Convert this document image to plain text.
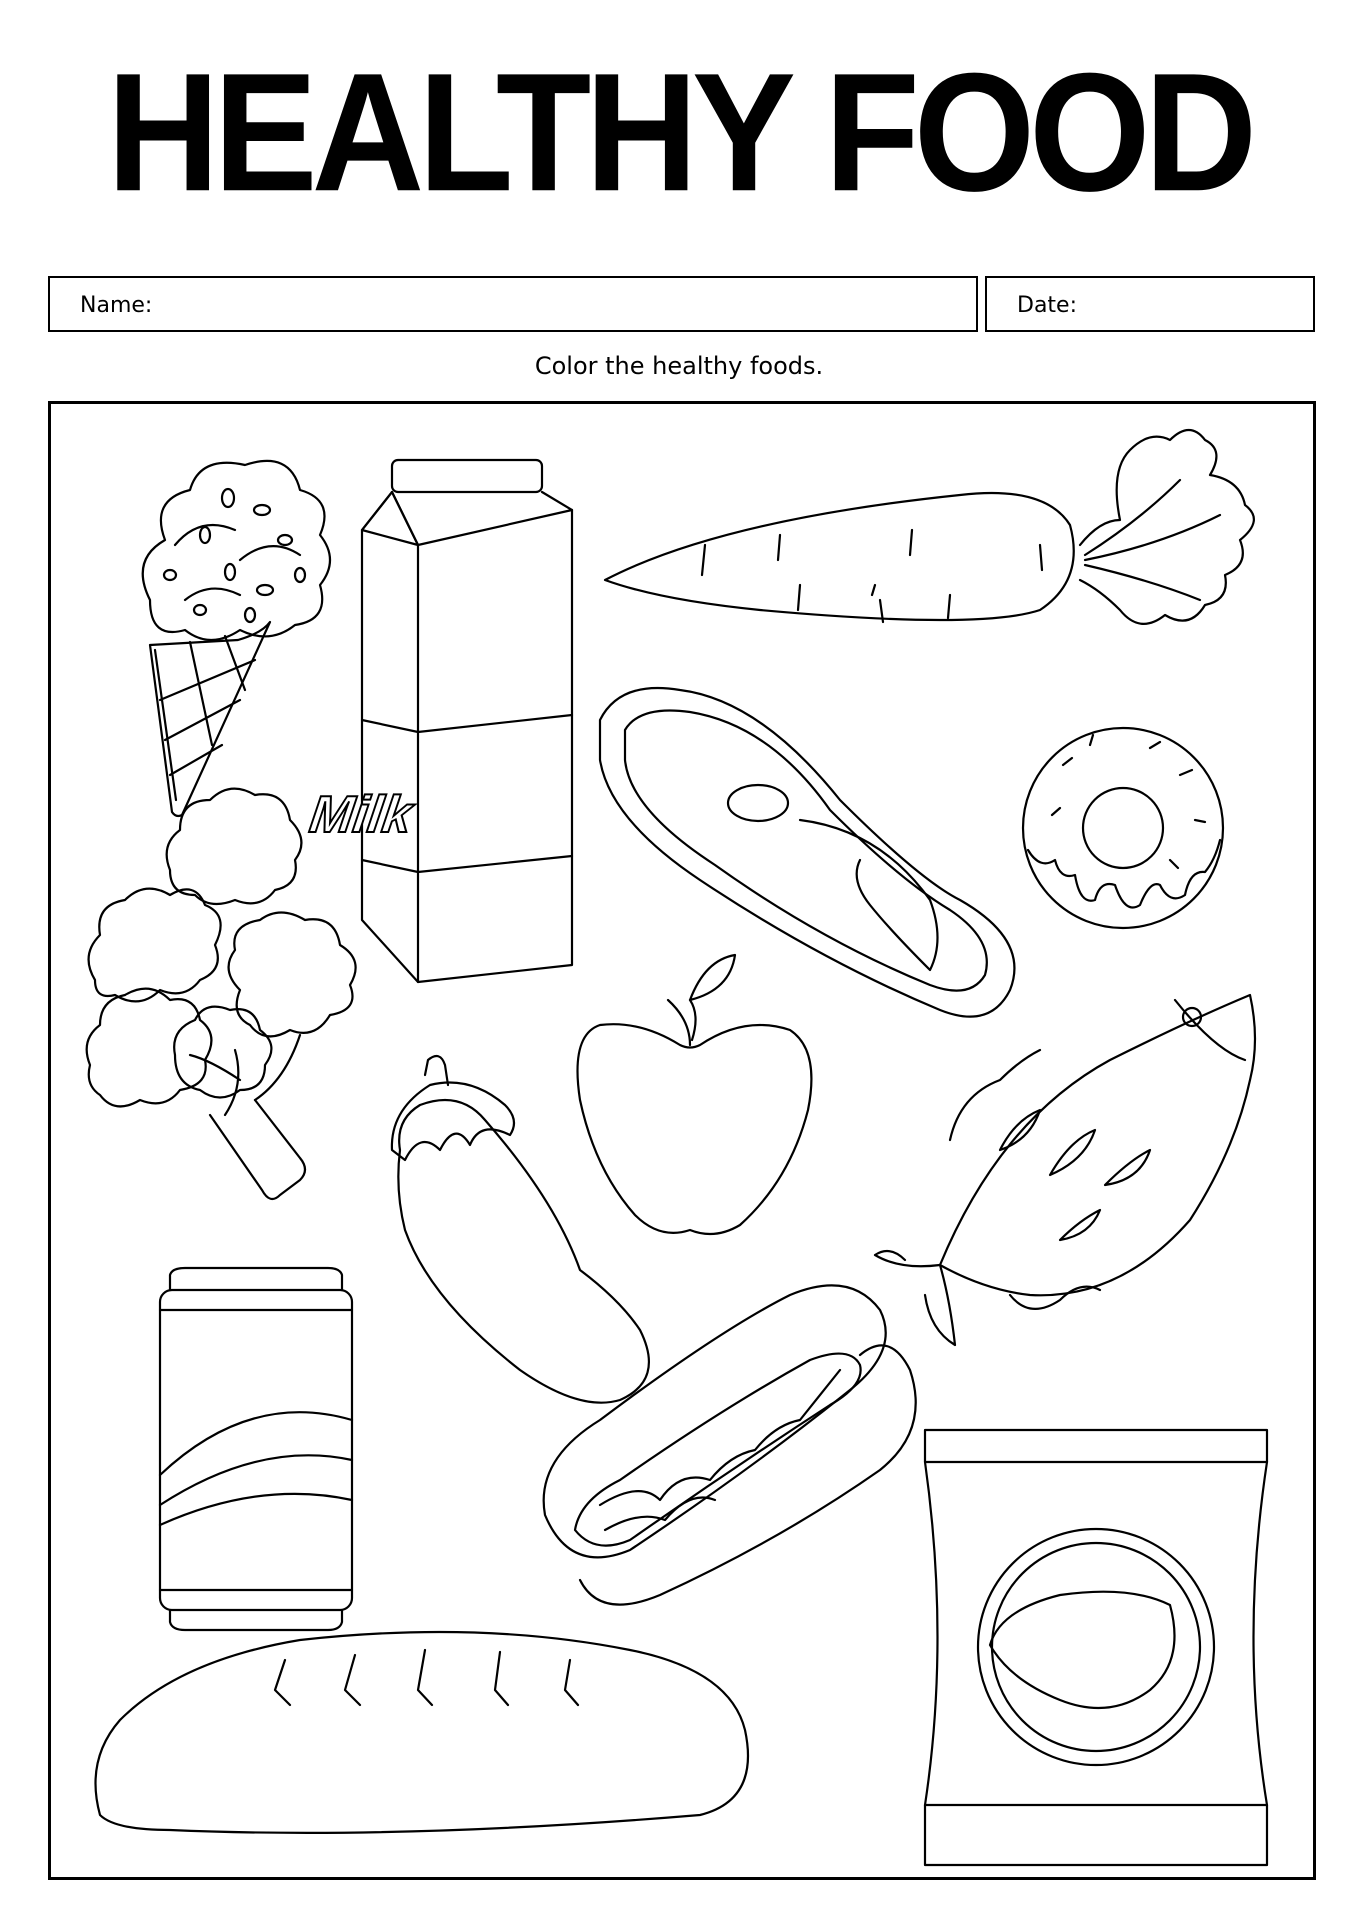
HEALTHY FOOD
Name:	Date:
Color the healthy foods.
Milk
